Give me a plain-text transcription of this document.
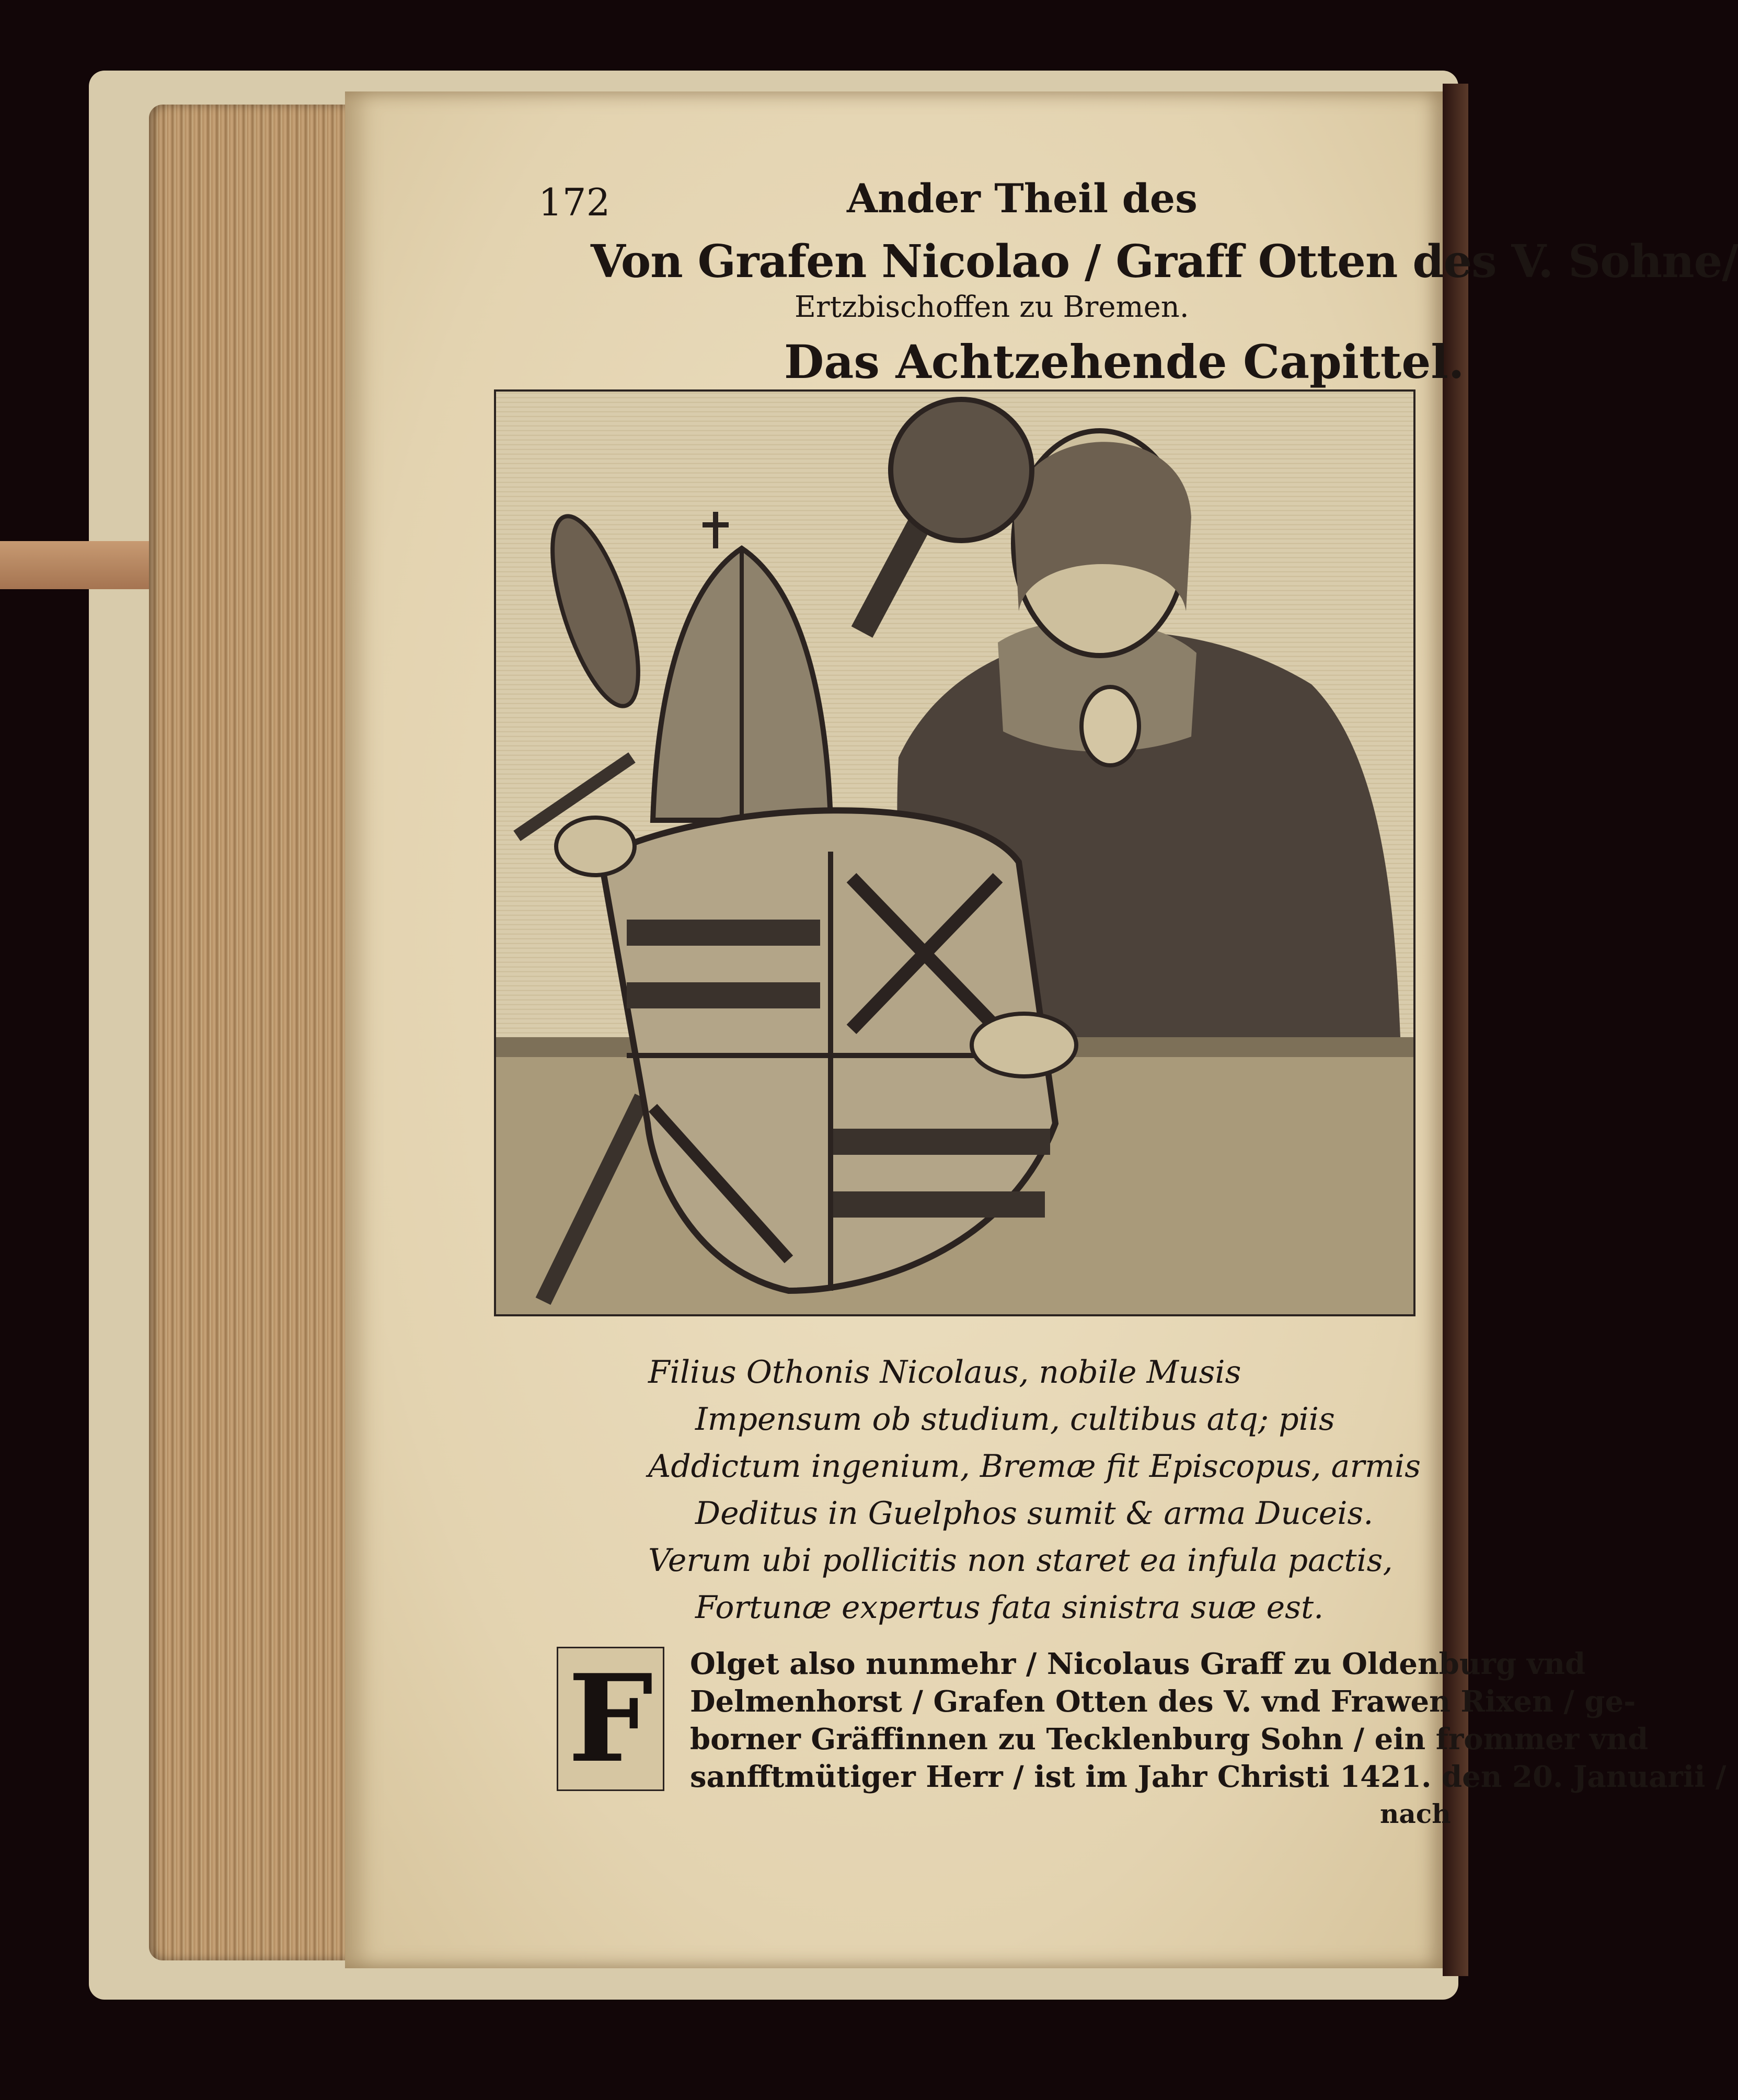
172	Ander Theil des
Von Grafen Nicolao / Graff Otten des V. Sohne/
Ertzbischoffen zu Bremen.
Das Achtzehende Capittel.
Filius Othonis Nicolaus, nobile Musis
Impensum ob studium, cultibus atq; piis
Addictum ingenium, Bremæ fit Episcopus, armis
Deditus in Guelphos sumit & arma Duceis.
Verum ubi pollicitis non staret ea infula pactis,
Fortunæ expertus fata sinistra suæ est.
F	Olget also nunmehr / Nicolaus Graff zu Oldenburg vnd
Delmenhorst / Grafen Otten des V. vnd Frawen Rixen / ge-
borner Gräffinnen zu Tecklenburg Sohn / ein frommer vnd
sanfftmütiger Herr / ist im Jahr Christi 1421. den 20. Januarii /
nach
